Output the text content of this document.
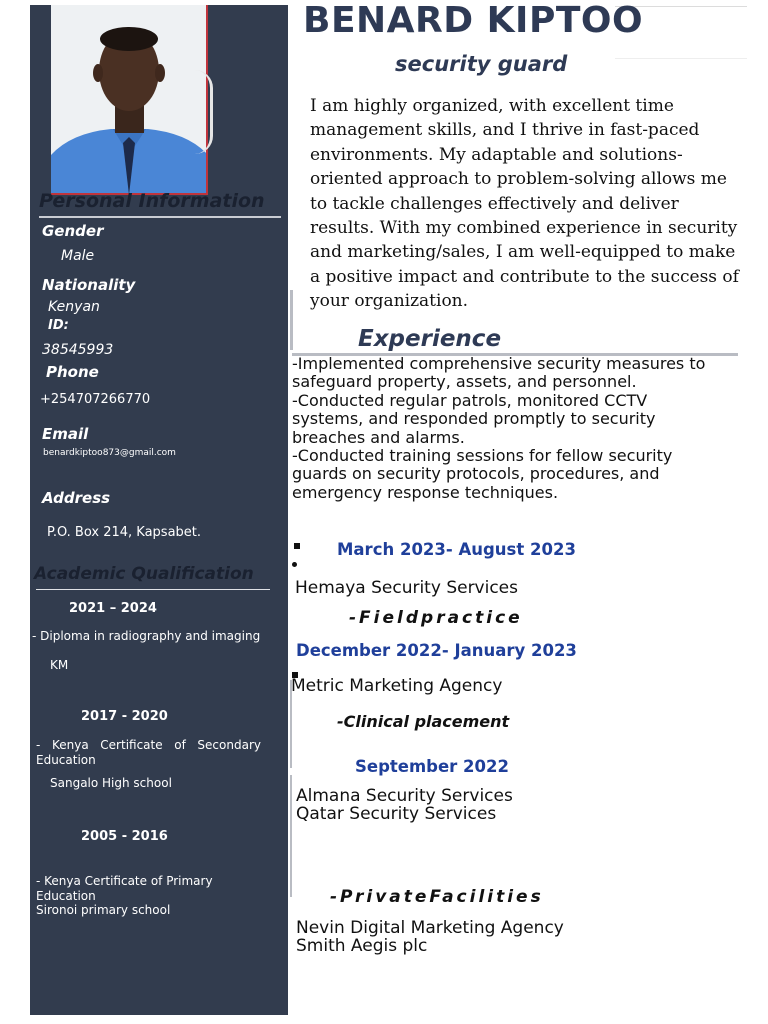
Personal Information
Gender
Male
Nationality
Kenyan
ID:
38545993
Phone
+254707266770
Email
benardkiptoo873@gmail.com
Address
P.O. Box 214, Kapsabet.
Academic Qualification
2021 – 2024
- Diploma in radiography and imaging
KM
2017 - 2020
- Kenya Certificate of Secondary Education
Sangalo High school
2005 - 2016
- Kenya Certificate of Primary Education
Sironoi primary school
BENARD KIPTOO
security guard
I am highly organized, with excellent time management skills, and I thrive in fast-paced environments. My adaptable and solutions-oriented approach to problem-solving allows me to tackle challenges effectively and deliver results. With my combined experience in security and marketing/sales, I am well-equipped to make a positive impact and contribute to the success of your organization.
Experience
-Implemented comprehensive security measures to safeguard property, assets, and personnel.
-Conducted regular patrols, monitored CCTV systems, and responded promptly to security breaches and alarms.
-Conducted training sessions for fellow security guards on security protocols, procedures, and emergency response techniques.
March 2023- August 2023
Hemaya Security Services
-Fieldpractice
December 2022- January 2023
Metric Marketing Agency
-Clinical placement
September 2022
Almana Security Services
Qatar Security Services
-PrivateFacilities
Nevin Digital Marketing Agency
Smith Aegis plc
